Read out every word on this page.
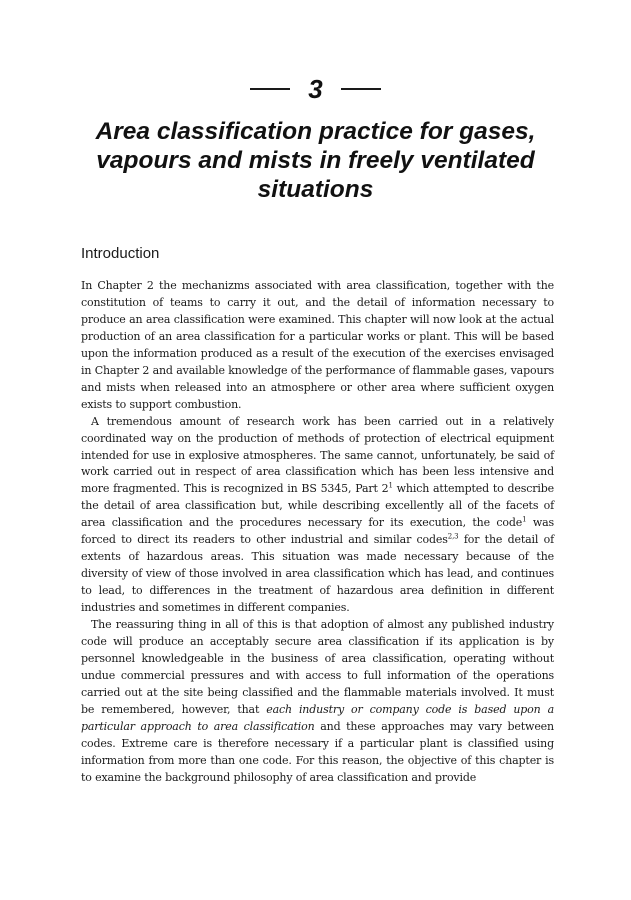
3
Area classification practice for gases, vapours and mists in freely ventilated situations
Introduction

In Chapter 2 the mechanizms associated with area classification, together with the constitution of teams to carry it out, and the detail of information necessary to produce an area classification were examined. This chapter will now look at the actual production of an area classification for a particular works or plant. This will be based upon the information produced as a result of the execution of the exercises envisaged in Chapter 2 and available knowledge of the performance of flammable gases, vapours and mists when released into an atmosphere or other area where sufficient oxygen exists to support combustion.

A tremendous amount of research work has been carried out in a relatively coordinated way on the production of methods of protection of electrical equipment intended for use in explosive atmospheres. The same cannot, unfortunately, be said of work carried out in respect of area classification which has been less intensive and more fragmented. This is recognized in BS 5345, Part $2^1$ which attempted to describe the detail of area classification but, while describing excellently all of the facets of area classification and the procedures necessary for its execution, the code$^1$ was forced to direct its readers to other industrial and similar codes$^{2,3}$ for the detail of extents of hazardous areas. This situation was made necessary because of the diversity of view of those involved in area classification which has lead, and continues to lead, to differences in the treatment of hazardous area definition in different industries and sometimes in different companies.

The reassuring thing in all of this is that adoption of almost any published industry code will produce an acceptably secure area classification if its application is by personnel knowledgeable in the business of area classification, operating without undue commercial pressures and with access to full information of the operations carried out at the site being classified and the flammable materials involved. It must be remembered, however, that each industry or company code is based upon a particular approach to area classification and these approaches may vary between codes. Extreme care is therefore necessary if a particular plant is classified using information from more than one code. For this reason, the objective of this chapter is to examine the background philosophy of area classification and provide
